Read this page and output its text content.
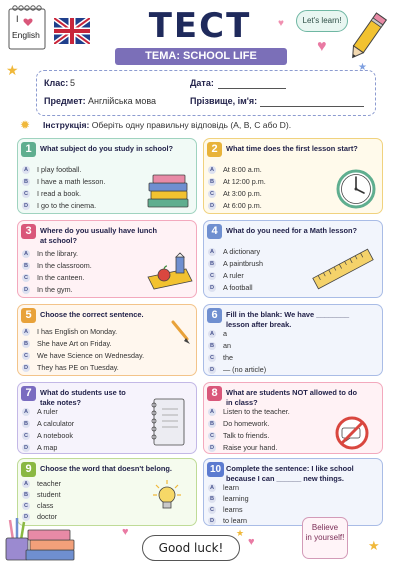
I
English
★
ТЕСТ
ТЕМА: SCHOOL LIFE
♥	Let's learn!
♥
★
Клас: 5
Предмет: Англійська мова
Дата:
Прізвище, ім'я:
✹ Інструкція: Оберіть одну правильну відповідь (A, B, C або D).
1	What subject do you study in school?
A I play football.
B I have a math lesson.
C I read a book.
D I go to the cinema.
2	What time does the first lesson start?
A At 8:00 a.m.
B At 12:00 p.m.
C At 3:00 p.m.
D At 6:00 p.m.
3	Where do you usually have lunch
at school?
A In the library.
B In the classroom.
C In the canteen.
D In the gym.
4	What do you need for a Math lesson?
A A dictionary
B A paintbrush
C A ruler
D A football
5	Choose the correct sentence.
A I has English on Monday.
B She have Art on Friday.
C We have Science on Wednesday.
D They has PE on Tuesday.
6	Fill in the blank: We have ________
lesson after break.
A a
B an
C the
D — (no article)
7	What do students use to
take notes?
A A ruler
B A calculator
C A notebook
D A map
8	What are students NOT allowed to do
in class?
A Listen to the teacher.
B Do homework.
C Talk to friends.
D Raise your hand.
9	Choose the word that doesn't belong.
A teacher
B student
C class
D doctor
10 Complete the sentence: I like school
because I can ______ new things.
A learn
B learning
C learns
D to learn
♥
Good luck!	♥
★
Believe
in yourself!
★
